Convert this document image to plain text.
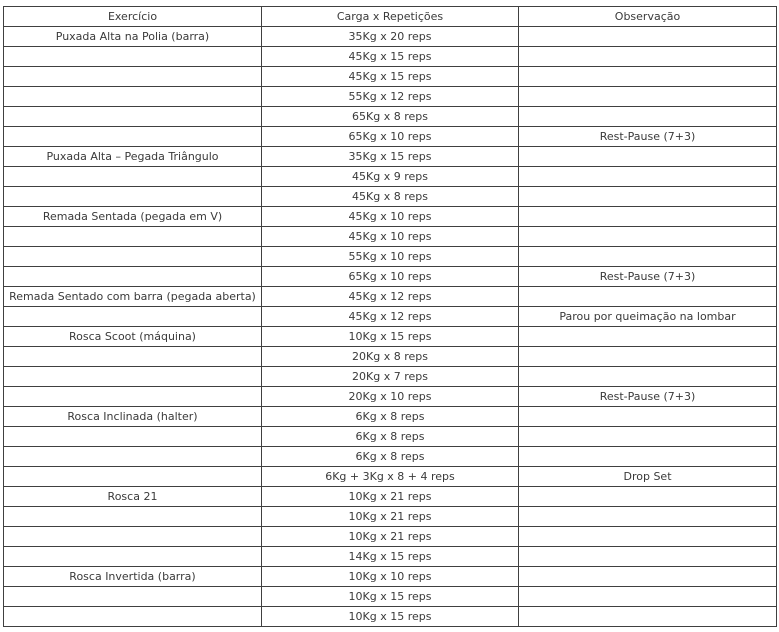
Exercício	Carga x Repetições	Observação
Puxada Alta na Polia (barra)	35Kg x 20 reps	
	45Kg x 15 reps	
	45Kg x 15 reps	
	55Kg x 12 reps	
	65Kg x 8 reps	
	65Kg x 10 reps	Rest-Pause (7+3)
Puxada Alta – Pegada Triângulo	35Kg x 15 reps	
	45Kg x 9 reps	
	45Kg x 8 reps	
Remada Sentada (pegada em V)	45Kg x 10 reps	
	45Kg x 10 reps	
	55Kg x 10 reps	
	65Kg x 10 reps	Rest-Pause (7+3)
Remada Sentado com barra (pegada aberta)	45Kg x 12 reps	
	45Kg x 12 reps	Parou por queimação na lombar
Rosca Scoot (máquina)	10Kg x 15 reps	
	20Kg x 8 reps	
	20Kg x 7 reps	
	20Kg x 10 reps	Rest-Pause (7+3)
Rosca Inclinada (halter)	6Kg x 8 reps	
	6Kg x 8 reps	
	6Kg x 8 reps	
	6Kg + 3Kg x 8 + 4 reps	Drop Set
Rosca 21	10Kg x 21 reps	
	10Kg x 21 reps	
	10Kg x 21 reps	
	14Kg x 15 reps	
Rosca Invertida (barra)	10Kg x 10 reps	
	10Kg x 15 reps	
	10Kg x 15 reps	
